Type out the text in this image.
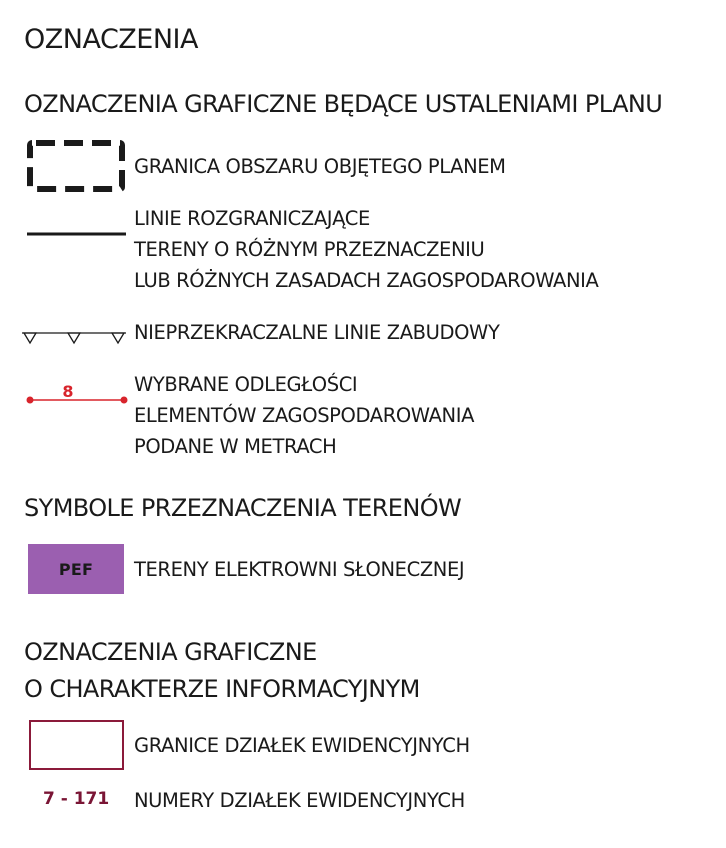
OZNACZENIA
OZNACZENIA GRAFICZNE BĘDĄCE USTALENIAMI PLANU
GRANICA OBSZARU OBJĘTEGO PLANEM
LINIE ROZGRANICZAJĄCE
TERENY O RÓŻNYM PRZEZNACZENIU
LUB RÓŻNYCH ZASADACH ZAGOSPODAROWANIA
NIEPRZEKRACZALNE LINIE ZABUDOWY
8	WYBRANE ODLEGŁOŚCI
ELEMENTÓW ZAGOSPODAROWANIA
PODANE W METRACH
SYMBOLE PRZEZNACZENIA TERENÓW
PEF TERENY ELEKTROWNI SŁONECZNEJ
OZNACZENIA GRAFICZNE
O CHARAKTERZE INFORMACYJNYM
GRANICE DZIAŁEK EWIDENCYJNYCH
7 - 171 NUMERY DZIAŁEK EWIDENCYJNYCH
